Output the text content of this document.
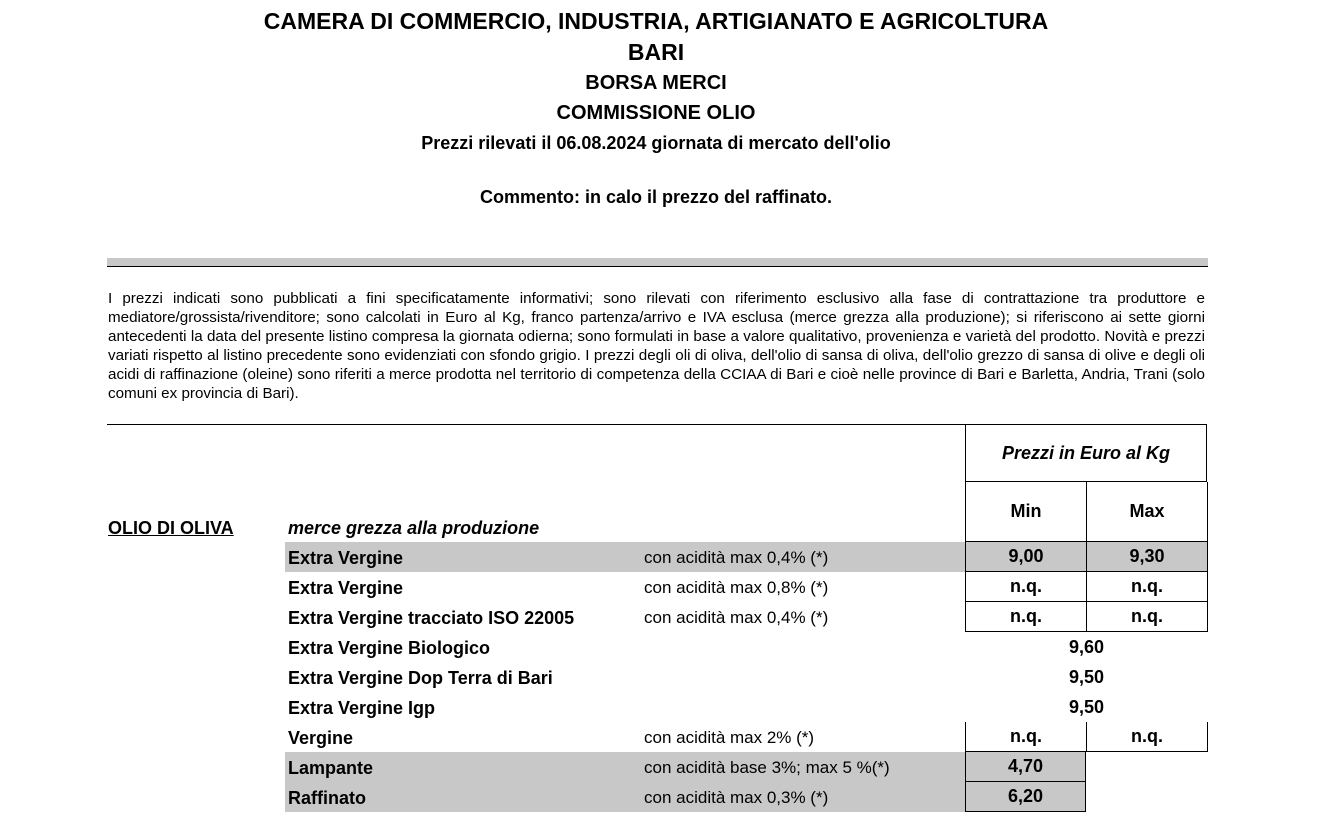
CAMERA DI COMMERCIO, INDUSTRIA, ARTIGIANATO E AGRICOLTURA
BARI
BORSA MERCI
COMMISSIONE OLIO
Prezzi rilevati il 06.08.2024 giornata di mercato dell'olio
Commento: in calo il prezzo del raffinato.
I prezzi indicati sono pubblicati a fini specificatamente informativi; sono rilevati con riferimento esclusivo alla fase di contrattazione tra produttore e mediatore/grossista/rivenditore; sono calcolati in Euro al Kg, franco partenza/arrivo e IVA esclusa (merce grezza alla produzione); si riferiscono ai sette giorni antecedenti la data del presente listino compresa la giornata odierna; sono formulati in base a valore qualitativo, provenienza e varietà del prodotto. Novità e prezzi variati rispetto al listino precedente sono evidenziati con sfondo grigio. I prezzi degli oli di oliva, dell'olio di sansa di oliva, dell'olio grezzo di sansa di olive e degli oli acidi di raffinazione (oleine) sono riferiti a merce prodotta nel territorio di competenza della CCIAA di Bari e cioè nelle province di Bari e Barletta, Andria, Trani (solo comuni ex provincia di Bari).
Prezzi in Euro al Kg
Min	Max
OLIO DI OLIVA	merce grezza alla produzione
Extra Vergine	con acidità max 0,4% (*)	9,00	9,30
Extra Vergine	con acidità max 0,8% (*)	n.q.	n.q.
Extra Vergine tracciato ISO 22005	con acidità max 0,4% (*)	n.q.	n.q.
Extra Vergine Biologico	9,60
Extra Vergine Dop Terra di Bari	9,50
Extra Vergine Igp	9,50
Vergine	con acidità max 2% (*)	n.q.	n.q.
Lampante	con acidità base 3%; max 5 %(*)	4,70
Raffinato	con acidità max 0,3% (*)	6,20
